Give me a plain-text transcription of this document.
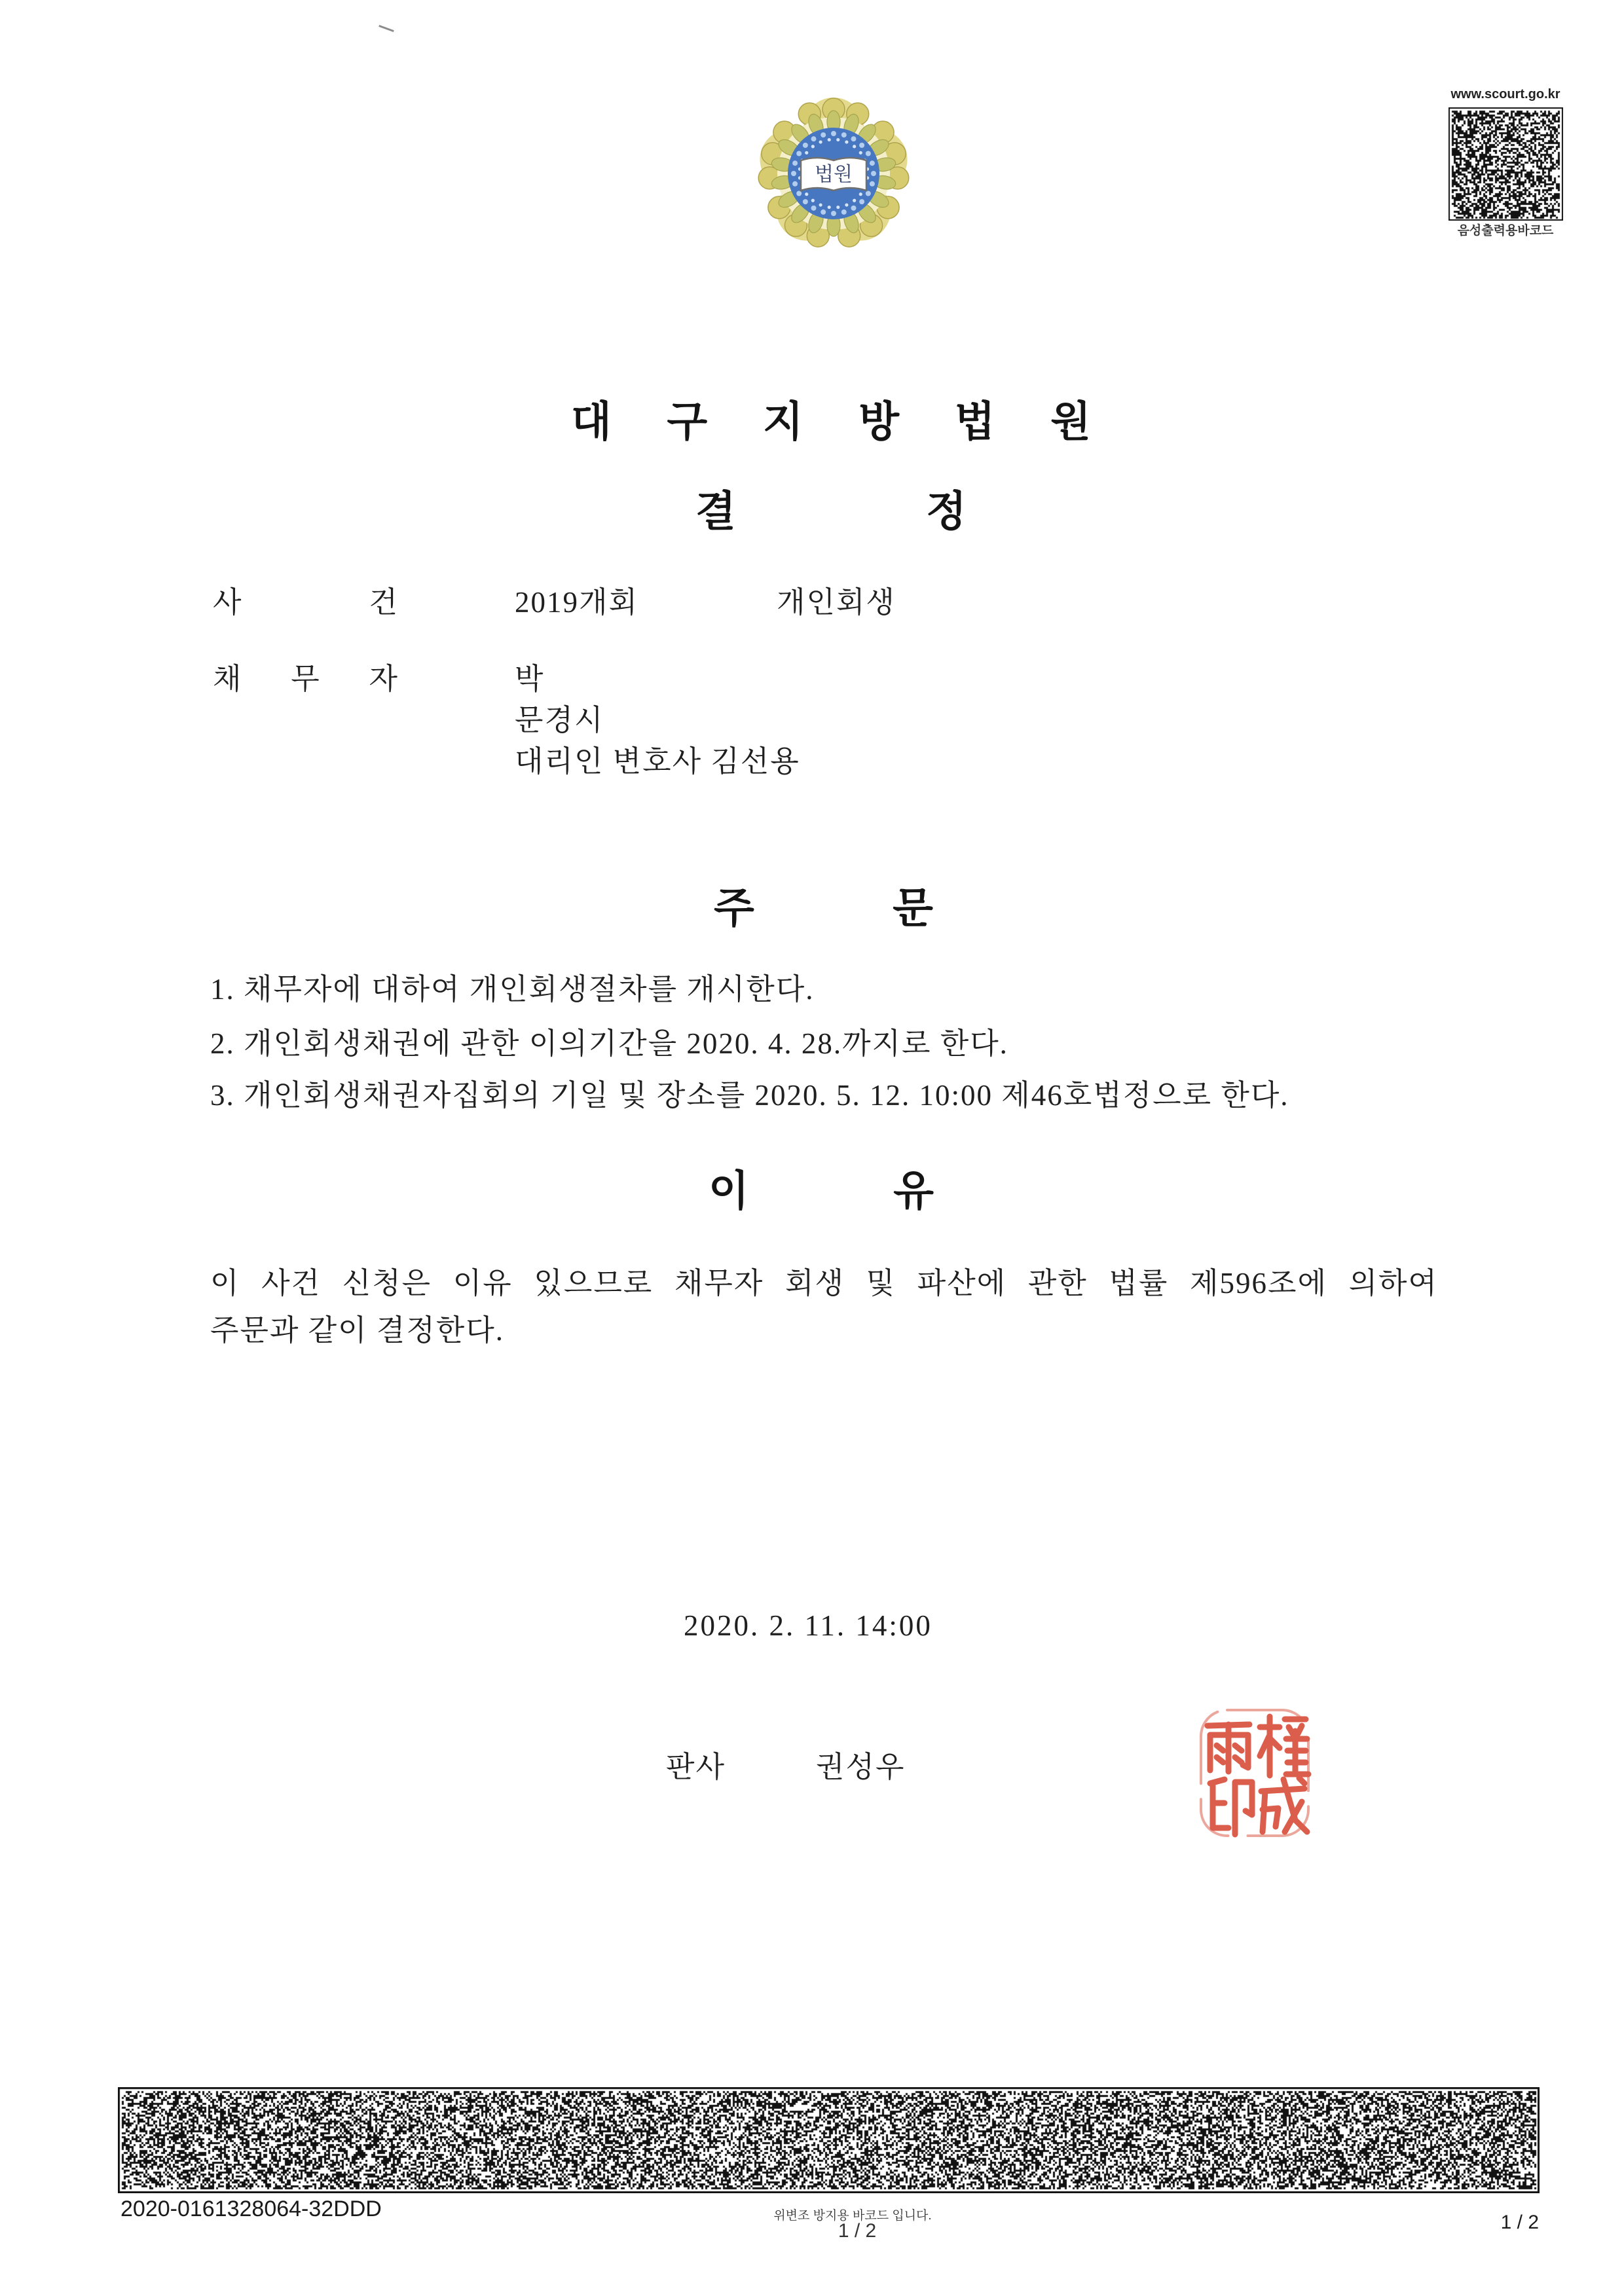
법원
www.scourt.go.kr
음성출력용바코드
대 구 지 방 법 원
결 정
사 건	2019개회	개인회생
채 무 자	박
문경시
대리인 변호사 김선용
주 문
1. 채무자에 대하여 개인회생절차를 개시한다.
2. 개인회생채권에 관한 이의기간을 2020. 4. 28.까지로 한다.
3. 개인회생채권자집회의 기일 및 장소를 2020. 5. 12. 10:00 제46호법정으로 한다.
이 유
이 사건 신청은 이유 있으므로 채무자 회생 및 파산에 관한 법률 제596조에 의하여
주문과 같이 결정한다.
2020. 2. 11. 14:00
판사	권성우
2020-0161328064-32DDD	위변조 방지용 바코드 입니다.
1 / 2	1 / 2
